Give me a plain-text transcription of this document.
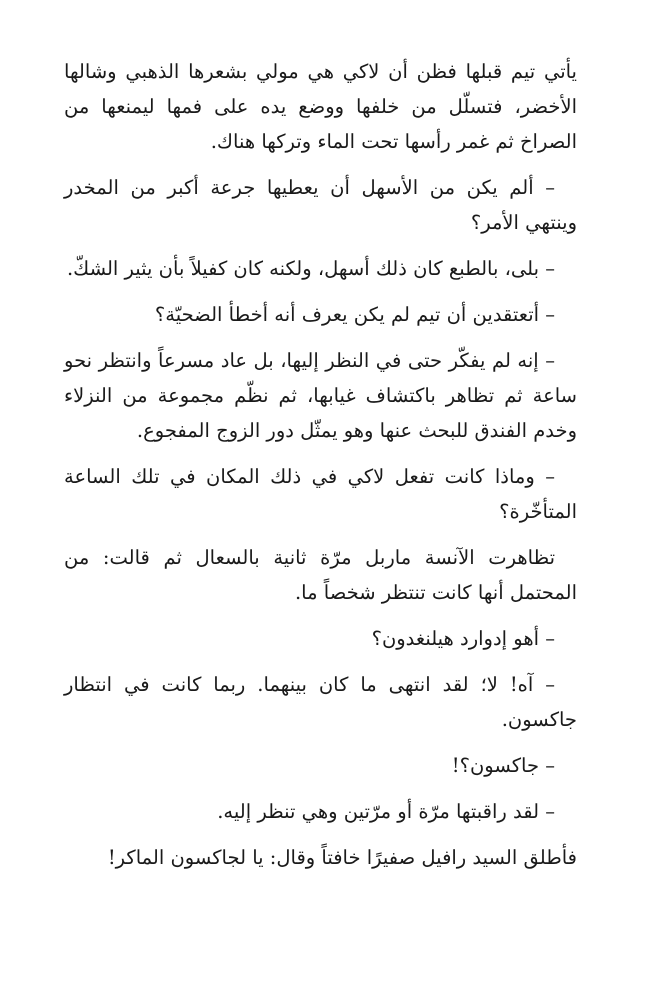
يأتي تيم قبلها فظن أن لاكي هي مولي بشعرها الذهبي وشالها الأخضر، فتسلّل من خلفها ووضع يده على فمها ليمنعها من الصراخ ثم غمر رأسها تحت الماء وتركها هناك.

– ألم يكن من الأسهل أن يعطيها جرعة أكبر من المخدر وينتهي الأمر؟

– بلى، بالطبع كان ذلك أسهل، ولكنه كان كفيلاً بأن يثير الشكّ.

– أتعتقدين أن تيم لم يكن يعرف أنه أخطأ الضحيّة؟

– إنه لم يفكّر حتى في النظر إليها، بل عاد مسرعاً وانتظر نحو ساعة ثم تظاهر باكتشاف غيابها، ثم نظّم مجموعة من النزلاء وخدم الفندق للبحث عنها وهو يمثّل دور الزوج المفجوع.

– وماذا كانت تفعل لاكي في ذلك المكان في تلك الساعة المتأخّرة؟

تظاهرت الآنسة ماربل مرّة ثانية بالسعال ثم قالت: من المحتمل أنها كانت تنتظر شخصاً ما.

– أهو إدوارد هيلنغدون؟

– آه! لا؛ لقد انتهى ما كان بينهما. ربما كانت في انتظار جاكسون.

– جاكسون؟!

– لقد راقبتها مرّة أو مرّتين وهي تنظر إليه.

فأطلق السيد رافيل صفيرًا خافتاً وقال: يا لجاكسون الماكر!
